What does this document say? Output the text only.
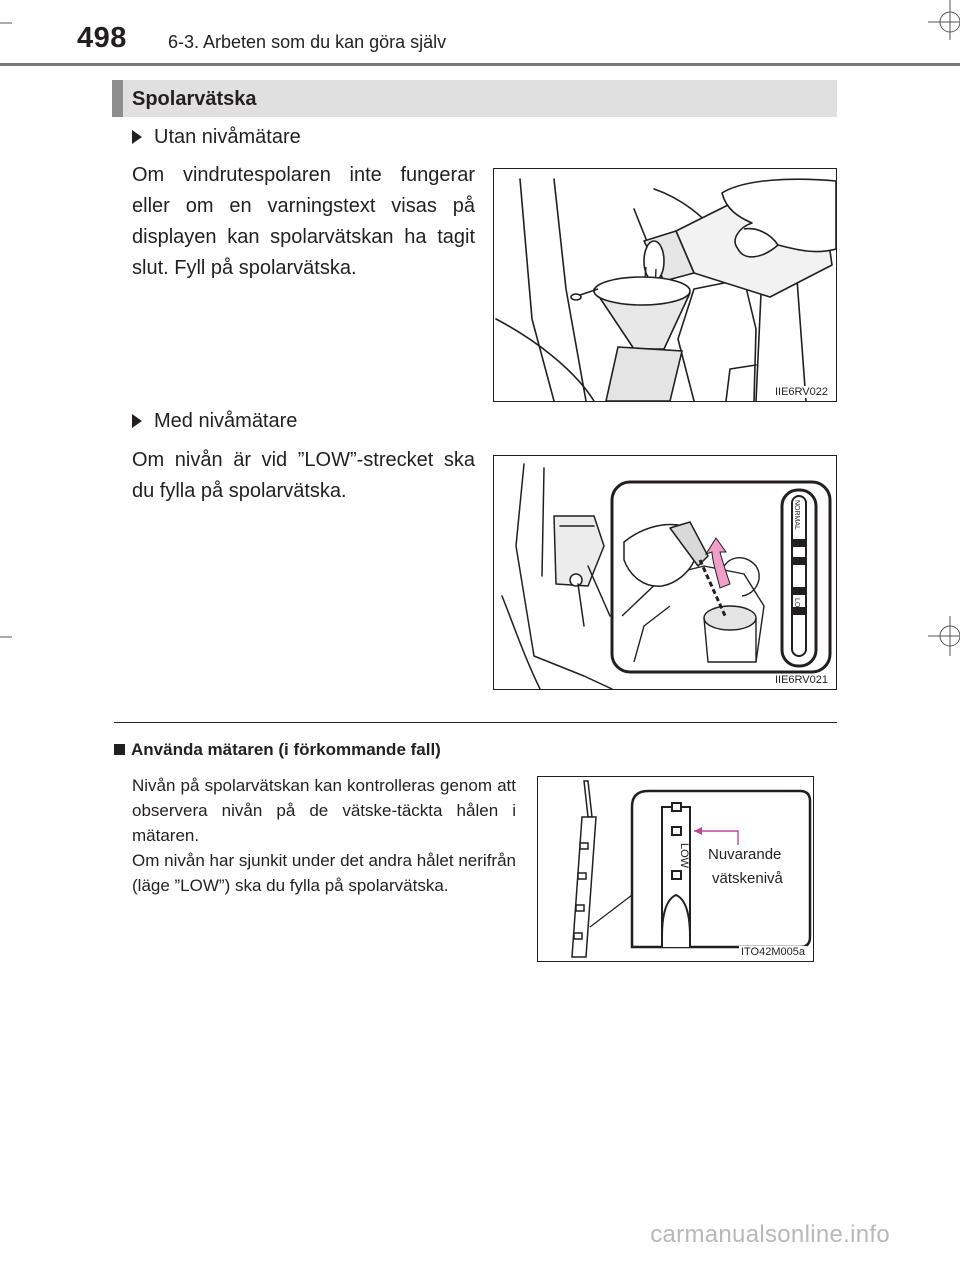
498 6-3. Arbeten som du kan göra själv
Spolarvätska
Utan nivåmätare
Om vindrutespolaren inte fungerar eller om en varningstext visas på displayen kan spolarvätskan ha tagit slut. Fyll på spolarvätska.
IIE6RV022
Med nivåmätare
Om nivån är vid ”LOW”-strecket ska du fylla på spolarvätska.
NORMAL
LOW
IIE6RV021
Använda mätaren (i förkommande fall)
Nivån på spolarvätskan kan kontrolleras genom att observera nivån på de vätske-täckta hålen i mätaren.
Om nivån har sjunkit under det andra hålet nerifrån (läge ”LOW”) ska du fylla på spolarvätska.
LOW Nuvarande
vätskenivå
ITO42M005a
carmanualsonline.info
